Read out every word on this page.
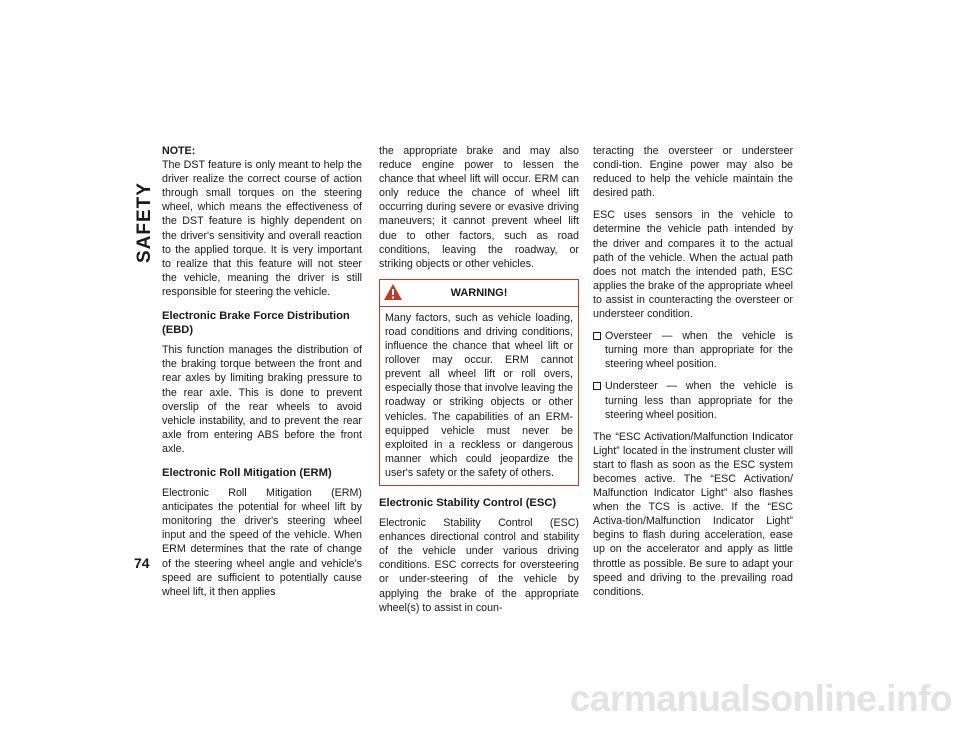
SAFETY

NOTE:
The DST feature is only meant to help the driver realize the correct course of action through small torques on the steering wheel, which means the effectiveness of the DST feature is highly dependent on the driver's sensitivity and overall reaction to the applied torque. It is very important to realize that this feature will not steer the vehicle, meaning the driver is still responsible for steering the vehicle.

Electronic Brake Force Distribution (EBD)

This function manages the distribution of the braking torque between the front and rear axles by limiting braking pressure to the rear axle. This is done to prevent overslip of the rear wheels to avoid vehicle instability, and to prevent the rear axle from entering ABS before the front axle.

Electronic Roll Mitigation (ERM)

Electronic Roll Mitigation (ERM) anticipates the potential for wheel lift by monitoring the driver's steering wheel input and the speed of the vehicle. When ERM determines that the rate of change of the steering wheel angle and vehicle's speed are sufficient to potentially cause wheel lift, it then applies

the appropriate brake and may also reduce engine power to lessen the chance that wheel lift will occur. ERM can only reduce the chance of wheel lift occurring during severe or evasive driving maneuvers; it cannot prevent wheel lift due to other factors, such as road conditions, leaving the roadway, or striking objects or other vehicles.

WARNING!

Many factors, such as vehicle loading, road conditions and driving conditions, influence the chance that wheel lift or rollover may occur. ERM cannot prevent all wheel lift or roll overs, especially those that involve leaving the roadway or striking objects or other vehicles. The capabilities of an ERM-equipped vehicle must never be exploited in a reckless or dangerous manner which could jeopardize the user's safety or the safety of others.

Electronic Stability Control (ESC)

Electronic Stability Control (ESC) enhances directional control and stability of the vehicle under various driving conditions. ESC corrects for oversteering or under-steering of the vehicle by applying the brake of the appropriate wheel(s) to assist in coun-

teracting the oversteer or understeer condi-tion. Engine power may also be reduced to help the vehicle maintain the desired path.

ESC uses sensors in the vehicle to determine the vehicle path intended by the driver and compares it to the actual path of the vehicle. When the actual path does not match the intended path, ESC applies the brake of the appropriate wheel to assist in counteracting the oversteer or understeer condition.

Oversteer — when the vehicle is turning more than appropriate for the steering wheel position.
Understeer — when the vehicle is turning less than appropriate for the steering wheel position.

The “ESC Activation/Malfunction Indicator Light” located in the instrument cluster will start to flash as soon as the ESC system becomes active. The “ESC Activation/ Malfunction Indicator Light” also flashes when the TCS is active. If the “ESC Activa-tion/Malfunction Indicator Light” begins to flash during acceleration, ease up on the accelerator and apply as little throttle as possible. Be sure to adapt your speed and driving to the prevailing road conditions.

74
carmanualsonline.info
